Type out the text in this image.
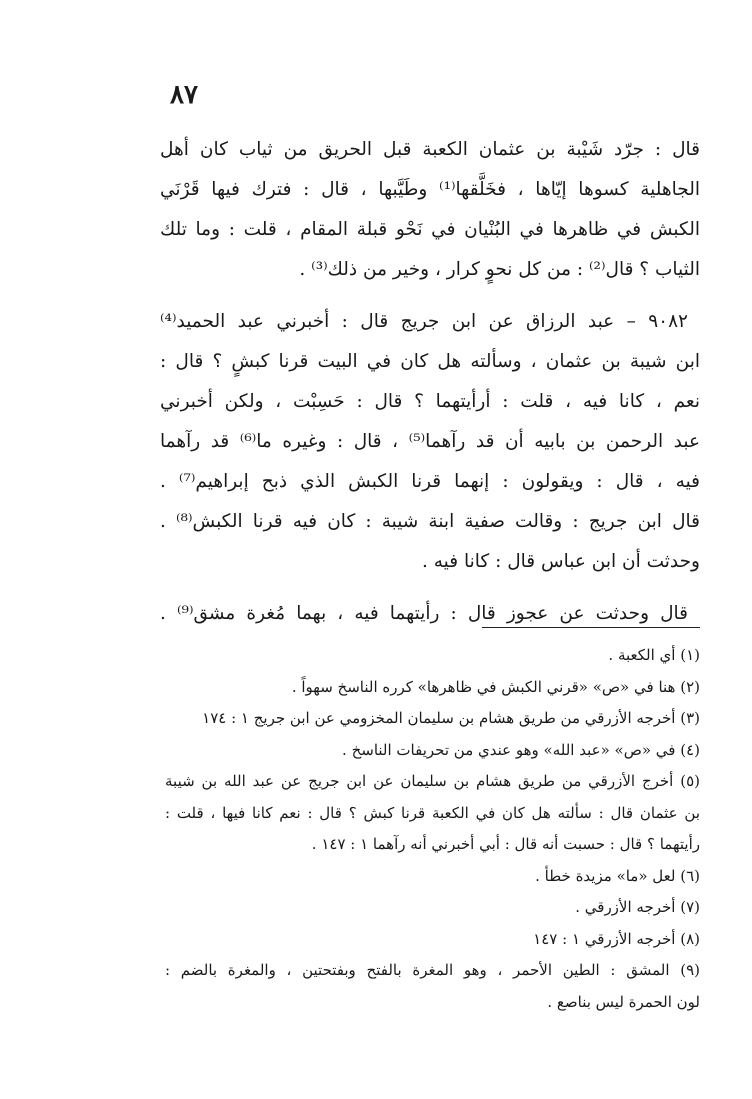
٨٧
قال : جرّد شَيْبة بن عثمان الكعبة قبل الحريق من ثياب كان أهل
الجاهلية كسوها إيّاها ، فخَلَّقها⁽¹⁾ وطَيَّبها ، قال : فترك فيها قَرْنَي
الكبش في ظاهرها في البُنْيان في نَحْو قبلة المقام ، قلت : وما تلك
الثياب ؟ قال⁽²⁾ : من كل نحوٍ كرار ، وخير من ذلك⁽³⁾ .
٩٠٨٢ – عبد الرزاق عن ابن جريج قال : أخبرني عبد الحميد⁽⁴⁾
ابن شيبة بن عثمان ، وسألته هل كان في البيت قرنا كبشٍ ؟ قال :
نعم ، كانا فيه ، قلت : أرأيتهما ؟ قال : حَسِبْت ، ولكن أخبرني
عبد الرحمن بن بابيه أن قد رآهما⁽⁵⁾ ، قال : وغيره ما⁽⁶⁾ قد رآهما
فيه ، قال : ويقولون : إنهما قرنا الكبش الذي ذبح إبراهيم⁽⁷⁾ .
قال ابن جريج : وقالت صفية ابنة شيبة : كان فيه قرنا الكبش⁽⁸⁾ .
وحدثت أن ابن عباس قال : كانا فيه .
قال وحدثت عن عجوز قال : رأيتهما فيه ، بهما مُغرة مشق⁽⁹⁾ .
(١) أي الكعبة .
(٢) هنا في «ص» «قرني الكبش في ظاهرها» كرره الناسخ سهواً .
(٣) أخرجه الأزرقي من طريق هشام بن سليمان المخزومي عن ابن جريج ١ : ١٧٤
(٤) في «ص» «عبد الله» وهو عندي من تحريفات الناسخ .
(٥) أخرج الأزرقي من طريق هشام بن سليمان عن ابن جريج عن عبد الله بن شيبة
بن عثمان قال : سألته هل كان في الكعبة قرنا كبش ؟ قال : نعم كانا فيها ، قلت :
رأيتهما ؟ قال : حسبت أنه قال : أبي أخبرني أنه رآهما ١ : ١٤٧ .
(٦) لعل «ما» مزيدة خطأ .
(٧) أخرجه الأزرقي .
(٨) أخرجه الأزرقي ١ : ١٤٧
(٩) المشق : الطين الأحمر ، وهو المغرة بالفتح وبفتحتين ، والمغرة بالضم :
لون الحمرة ليس بناصع .
